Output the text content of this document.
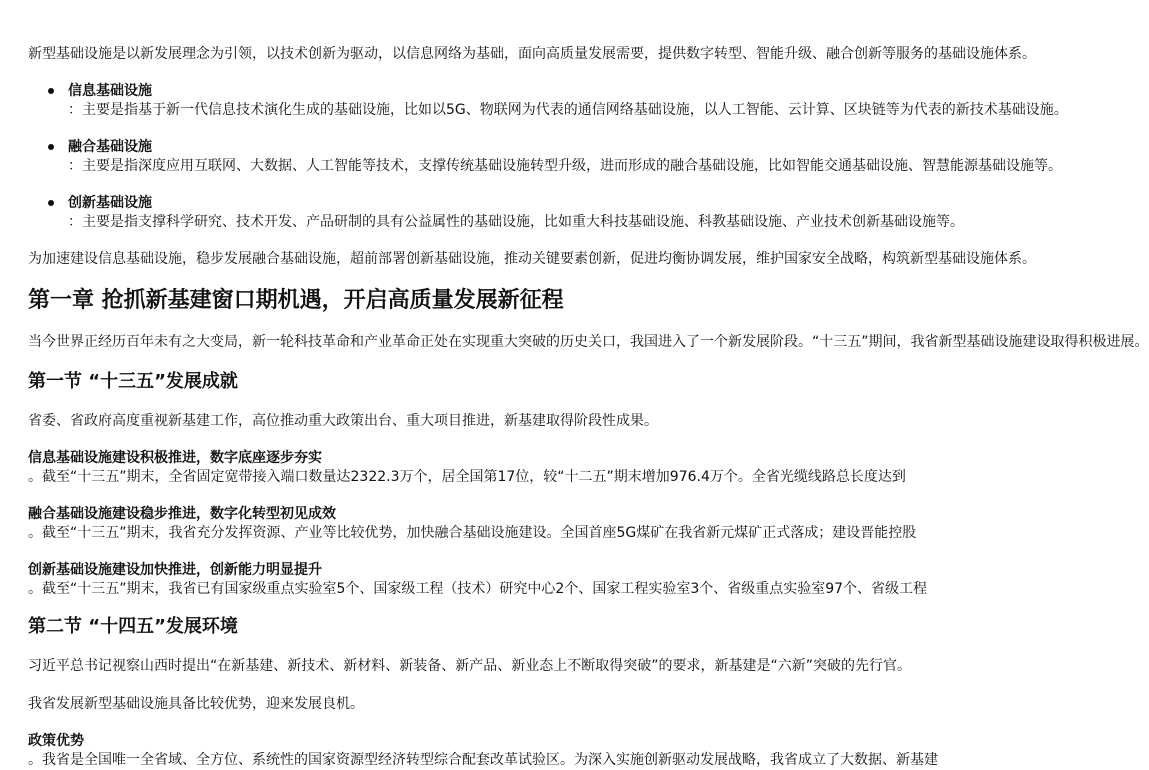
新型基础设施是以新发展理念为引领，以技术创新为驱动，以信息网络为基础，面向高质量发展需要，提供数字转型、智能升级、融合创新等服务的基础设施体系。
信息基础设施
：主要是指基于新一代信息技术演化生成的基础设施，比如以5G、物联网为代表的通信网络基础设施，以人工智能、云计算、区块链等为代表的新技术基础设施。
融合基础设施
：主要是指深度应用互联网、大数据、人工智能等技术，支撑传统基础设施转型升级，进而形成的融合基础设施，比如智能交通基础设施、智慧能源基础设施等。
创新基础设施
：主要是指支撑科学研究、技术开发、产品研制的具有公益属性的基础设施，比如重大科技基础设施、科教基础设施、产业技术创新基础设施等。
为加速建设信息基础设施，稳步发展融合基础设施，超前部署创新基础设施，推动关键要素创新，促进均衡协调发展，维护国家安全战略，构筑新型基础设施体系。
第一章 抢抓新基建窗口期机遇，开启高质量发展新征程
当今世界正经历百年未有之大变局，新一轮科技革命和产业革命正处在实现重大突破的历史关口，我国进入了一个新发展阶段。“十三五”期间，我省新型基础设施建设取得积极进展。
第一节 “十三五”发展成就
省委、省政府高度重视新基建工作，高位推动重大政策出台、重大项目推进，新基建取得阶段性成果。
信息基础设施建设积极推进，数字底座逐步夯实
。截至“十三五”期末，全省固定宽带接入端口数量达2322.3万个，居全国第17位，较“十二五”期末增加976.4万个。全省光缆线路总长度达到
融合基础设施建设稳步推进，数字化转型初见成效
。截至“十三五”期末，我省充分发挥资源、产业等比较优势，加快融合基础设施建设。全国首座5G煤矿在我省新元煤矿正式落成；建设晋能控股
创新基础设施建设加快推进，创新能力明显提升
。截至“十三五”期末，我省已有国家级重点实验室5个、国家级工程（技术）研究中心2个、国家工程实验室3个、省级重点实验室97个、省级工程
第二节 “十四五”发展环境
习近平总书记视察山西时提出“在新基建、新技术、新材料、新装备、新产品、新业态上不断取得突破”的要求，新基建是“六新”突破的先行官。
我省发展新型基础设施具备比较优势，迎来发展良机。
政策优势
。我省是全国唯一全省域、全方位、系统性的国家资源型经济转型综合配套改革试验区。为深入实施创新驱动发展战略，我省成立了大数据、新基建
